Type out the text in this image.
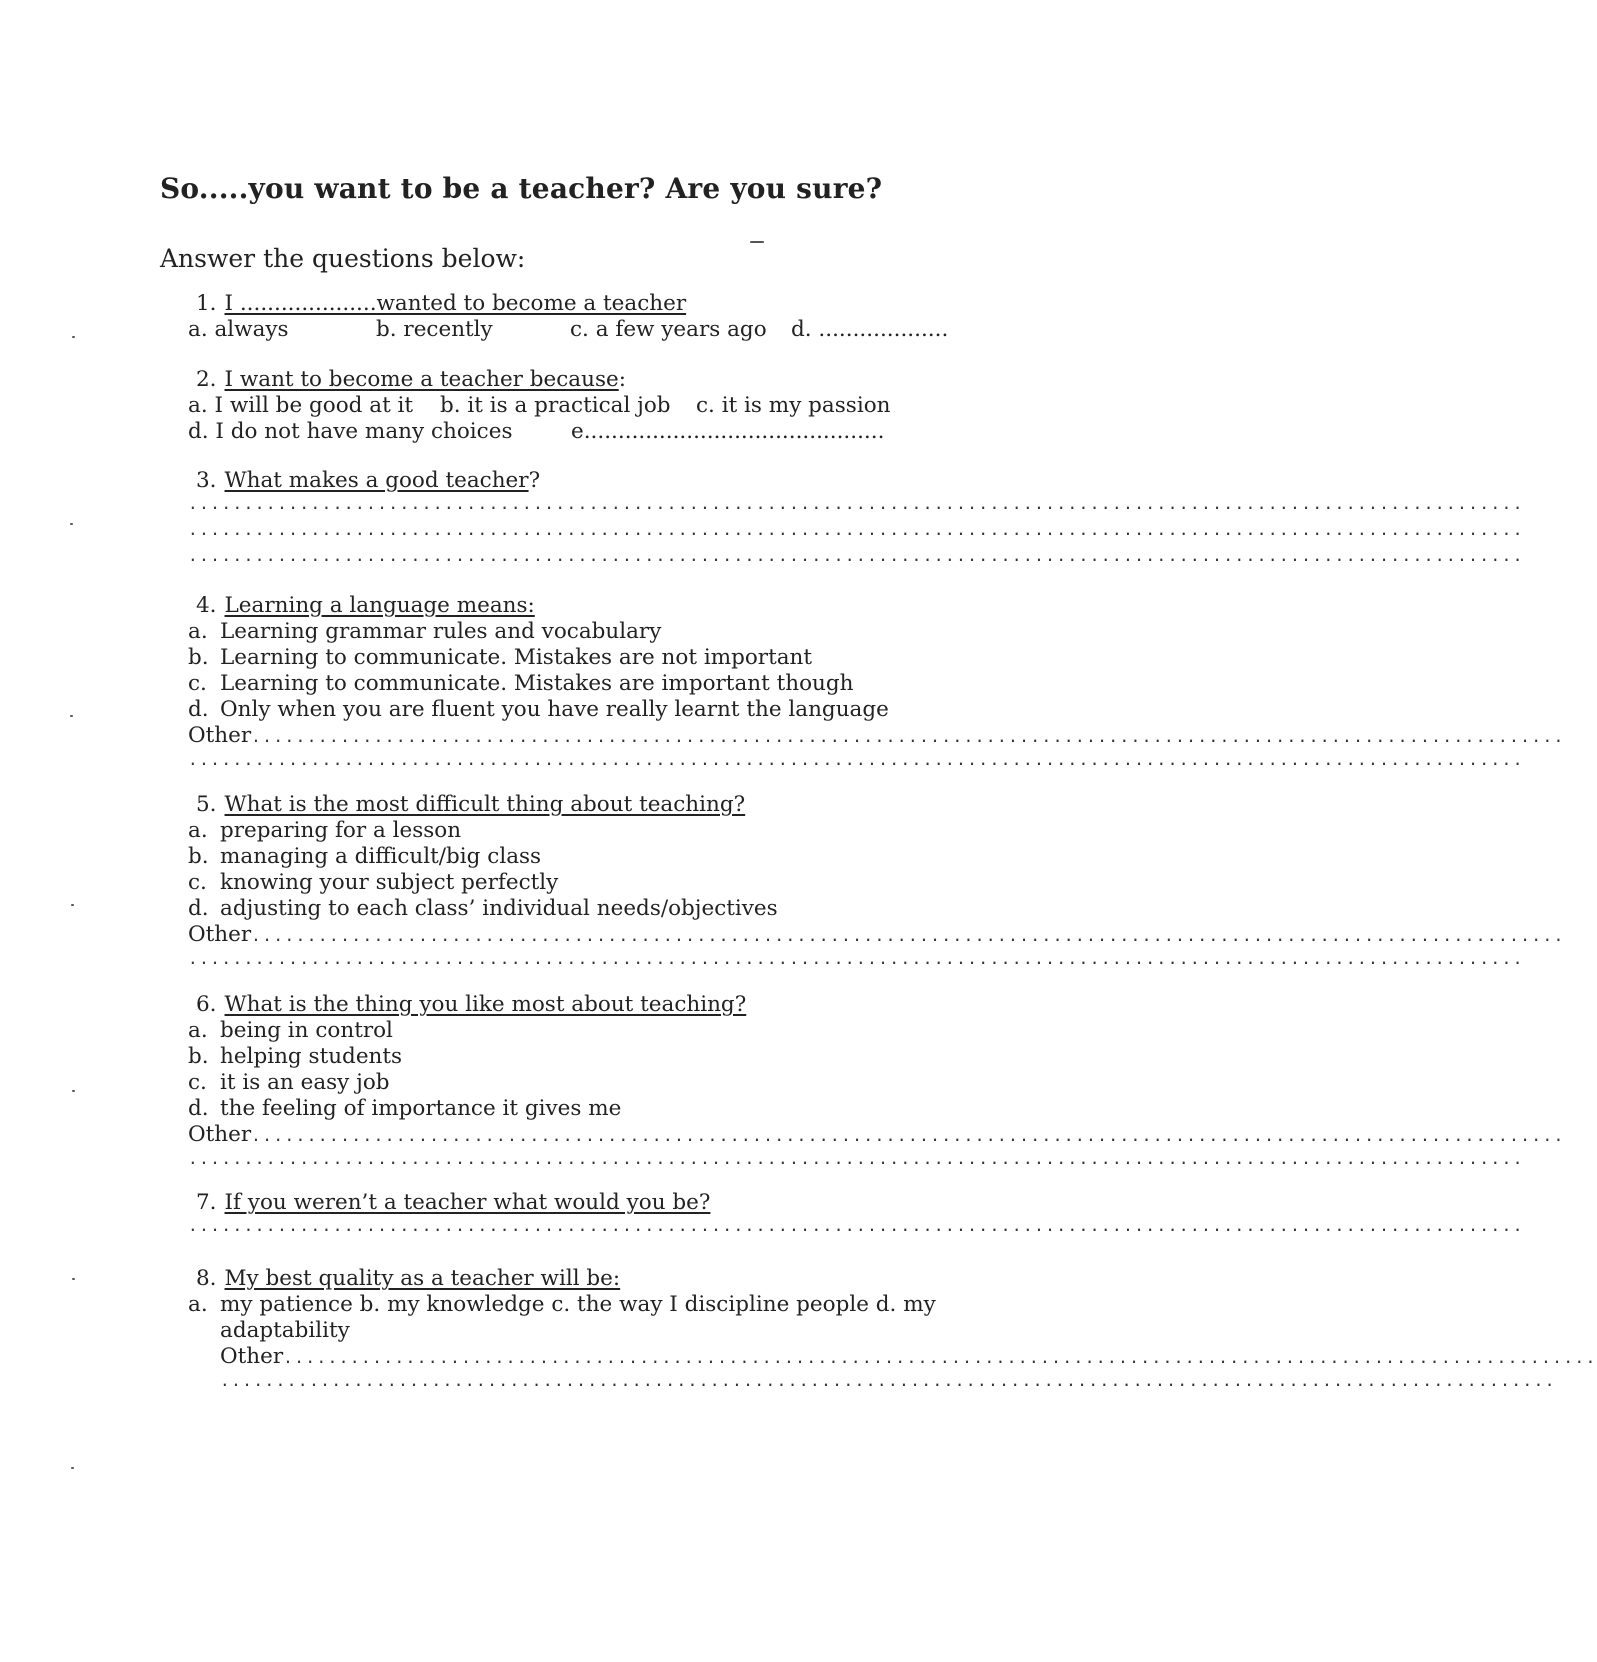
So.....you want to be a teacher? Are you sure?
Answer the questions below:
1. I ....................wanted to become a teacher
a. always	b. recently	c. a few years ago d. ...................
2. I want to become a teacher because:
a. I will be good at it b. it is a practical job c. it is my passion
d. I do not have many choices	e............................................
3. What makes a good teacher?
........................................................................................................................
........................................................................................................................
........................................................................................................................
4. Learning a language means:
a. Learning grammar rules and vocabulary
b. Learning to communicate. Mistakes are not important
c. Learning to communicate. Mistakes are important though
d. Only when you are fluent you have really learnt the language
Other......................................................................................................................
........................................................................................................................
5. What is the most difficult thing about teaching?
a. preparing for a lesson
b. managing a difficult/big class
c. knowing your subject perfectly
d. adjusting to each class’ individual needs/objectives
Other......................................................................................................................
........................................................................................................................
6. What is the thing you like most about teaching?
a. being in control
b. helping students
c. it is an easy job
d. the feeling of importance it gives me
Other......................................................................................................................
........................................................................................................................
7. If you weren’t a teacher what would you be?
........................................................................................................................
8. My best quality as a teacher will be:
a. my patience b. my knowledge c. the way I discipline people d. my
adaptability
Other......................................................................................................................
........................................................................................................................
